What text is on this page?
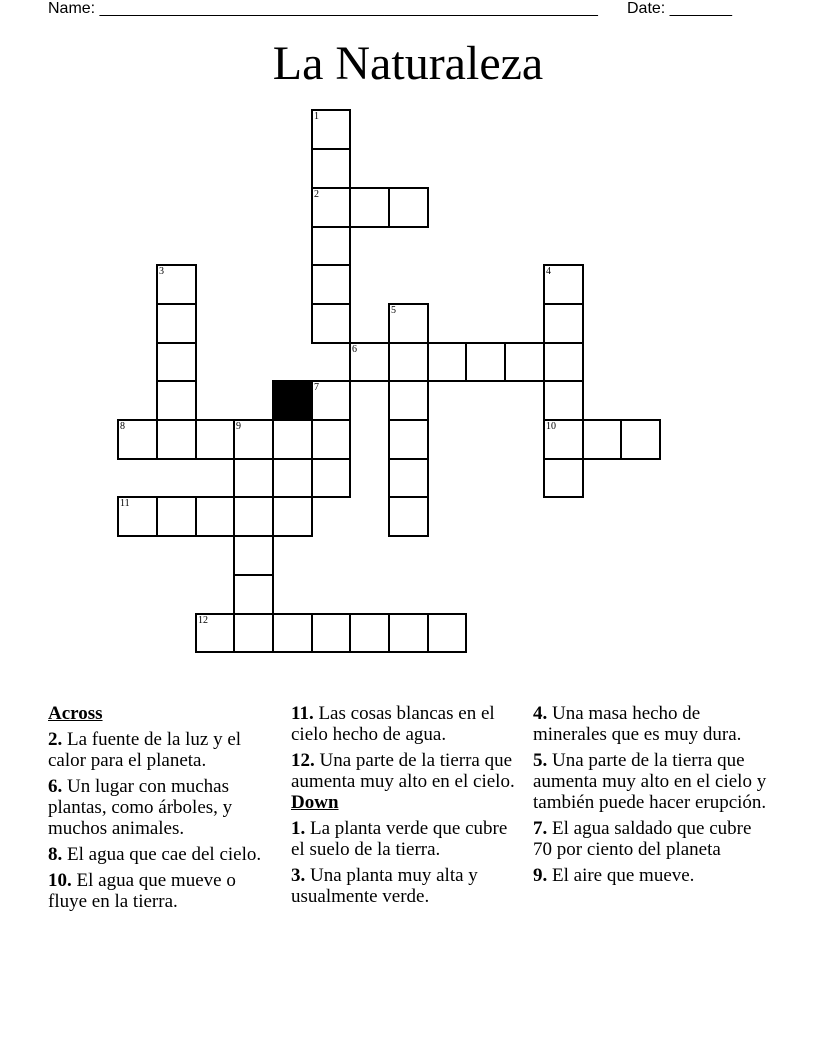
Name: ________________________________________________________ Date: _______
La Naturaleza
1
2
3	4
10
5
6
7
8	9
11
12
Across
2. La fuente de la luz y el calor para el planeta.
6. Un lugar con muchas plantas, como árboles, y muchos animales.
8. El agua que cae del cielo.
10. El agua que mueve o fluye en la tierra.
11. Las cosas blancas en el cielo hecho de agua.
12. Una parte de la tierra que aumenta muy alto en el cielo.
Down
1. La planta verde que cubre el suelo de la tierra.
3. Una planta muy alta y usualmente verde.
4. Una masa hecho de minerales que es muy dura.
5. Una parte de la tierra que aumenta muy alto en el cielo y también puede hacer erupción.
7. El agua saldado que cubre 70 por ciento del planeta
9. El aire que mueve.
